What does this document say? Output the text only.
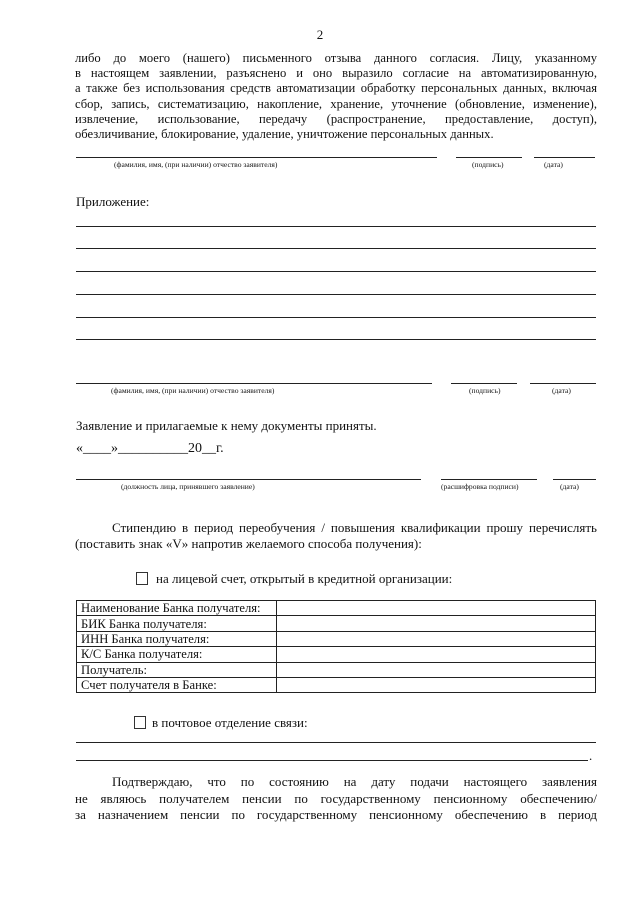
2
либо до моего (нашего) письменного отзыва данного согласия. Лицу, указанному
в настоящем заявлении, разъяснено и оно выразило согласие на автоматизированную,
а также без использования средств автоматизации обработку персональных данных, включая
сбор, запись, систематизацию, накопление, хранение, уточнение (обновление, изменение),
извлечение, использование, передачу (распространение, предоставление, доступ),
обезличивание, блокирование, удаление, уничтожение персональных данных.
(фамилия, имя, (при наличии) отчество заявителя)	(подпись)	(дата)
Приложение:
(фамилия, имя, (при наличии) отчество заявителя)	(подпись)	(дата)
Заявление и прилагаемые к нему документы приняты.
«____»__________20__г.
(должность лица, принявшего заявление)	(расшифровка подписи)	(дата)
Стипендию в период переобучения / повышения квалификации прошу перечислять
(поставить знак «V» напротив желаемого способа получения):
на лицевой счет, открытый в кредитной организации:
Наименование Банка получателя:	
БИК Банка получателя:	
ИНН Банка получателя:	
К/С Банка получателя:	
Получатель:	
Счет получателя в Банке:	
в почтовое отделение связи:
.
Подтверждаю, что по состоянию на дату подачи настоящего заявления
не являюсь получателем пенсии по государственному пенсионному обеспечению/
за назначением пенсии по государственному пенсионному обеспечению в период
